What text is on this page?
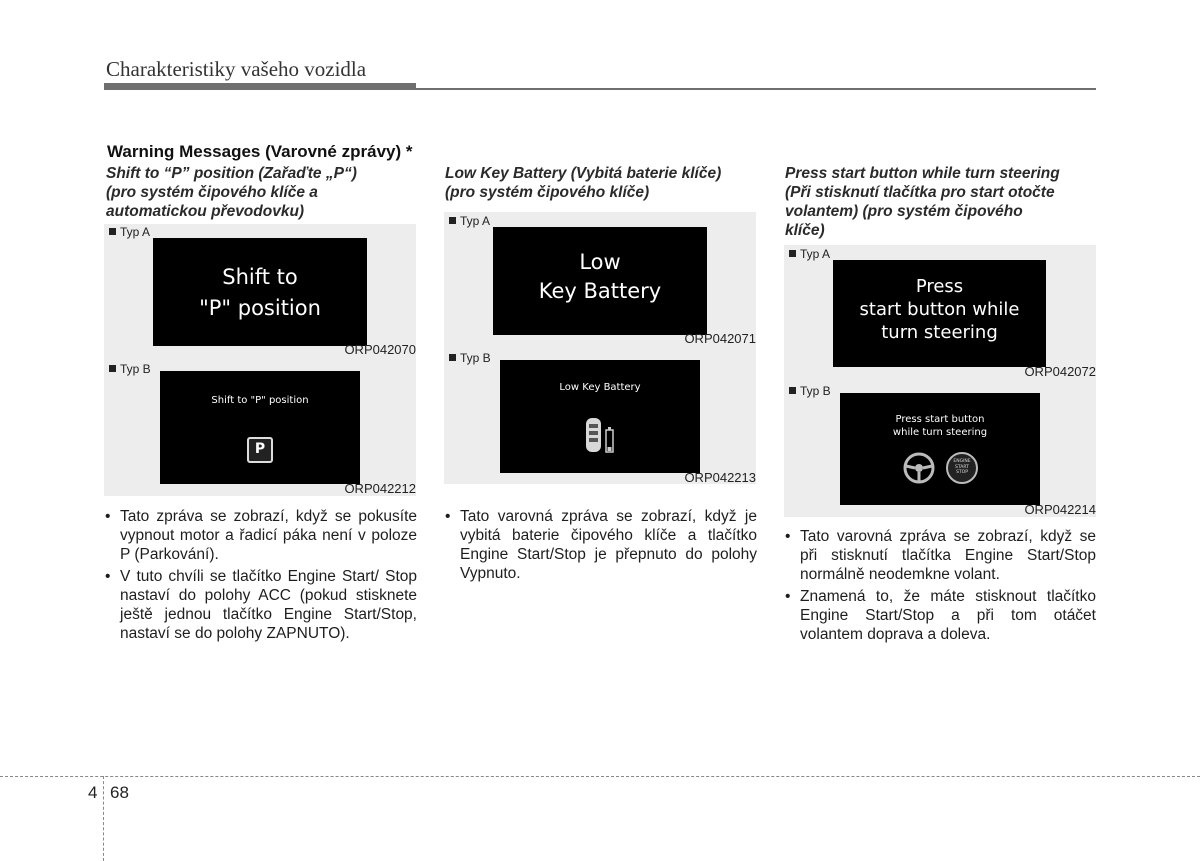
Charakteristiky vašeho vozidla
Warning Messages (Varovné zprávy) *
Shift to “P” position (Zařaďte „P“)
(pro systém čipového klíče a
automatickou převodovku)
Typ A
Shift to
"P" position
ORP042070
Typ B
Shift to "P" position
P
ORP042212
• Tato zpráva se zobrazí, když se pokusíte vypnout motor a řadicí páka není v poloze P (Parkování).
• V tuto chvíli se tlačítko Engine Start/ Stop nastaví do polohy ACC (pokud stisknete ještě jednou tlačítko Engine Start/Stop, nastaví se do polohy ZAPNUTO).
Low Key Battery (Vybitá baterie klíče)
(pro systém čipového klíče)
Typ A
Low
Key Battery
ORP042071
Typ B
Low Key Battery
ORP042213
• Tato varovná zpráva se zobrazí, když je vybitá baterie čipového klíče a tlačítko Engine Start/Stop je přepnuto do polohy Vypnuto.
Press start button while turn steering
(Při stisknutí tlačítka pro start otočte
volantem) (pro systém čipového
klíče)
Typ A
Press
start button while
turn steering
ORP042072
Typ B
Press start button
while turn steering
ENGINE
START
STOP
ORP042214
• Tato varovná zpráva se zobrazí, když se při stisknutí tlačítka Engine Start/Stop normálně neodemkne volant.
• Znamená to, že máte stisknout tlačítko Engine Start/Stop a při tom otáčet volantem doprava a doleva.
4 68
